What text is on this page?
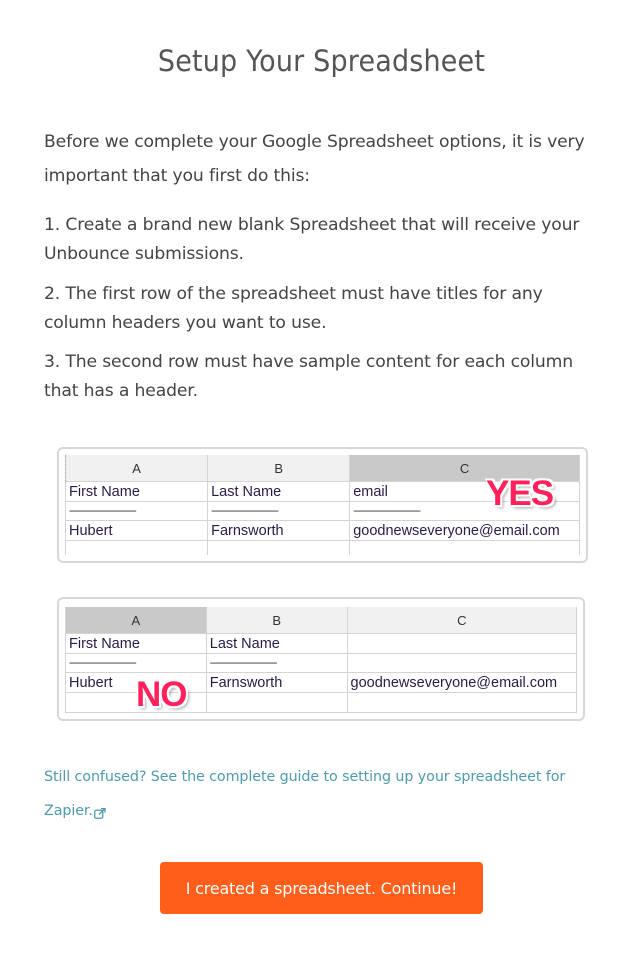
Setup Your Spreadsheet
Before we complete your Google Spreadsheet options, it is very important that you first do this:
1. Create a brand new blank Spreadsheet that will receive your Unbounce submissions.
2. The first row of the spreadsheet must have titles for any column headers you want to use.
3. The second row must have sample content for each column that has a header.
A	B	C
First Name	Last Name	email
---------------------------	---------------------------	---------------------------
Hubert	Farnsworth	goodnewseveryone@email.com

YES
A	B	C
First Name	Last Name	
---------------------------	---------------------------	
Hubert	Farnsworth	goodnewseveryone@email.com

NO
Still confused? See the complete guide to setting up your spreadsheet for Zapier.
I created a spreadsheet. Continue!
